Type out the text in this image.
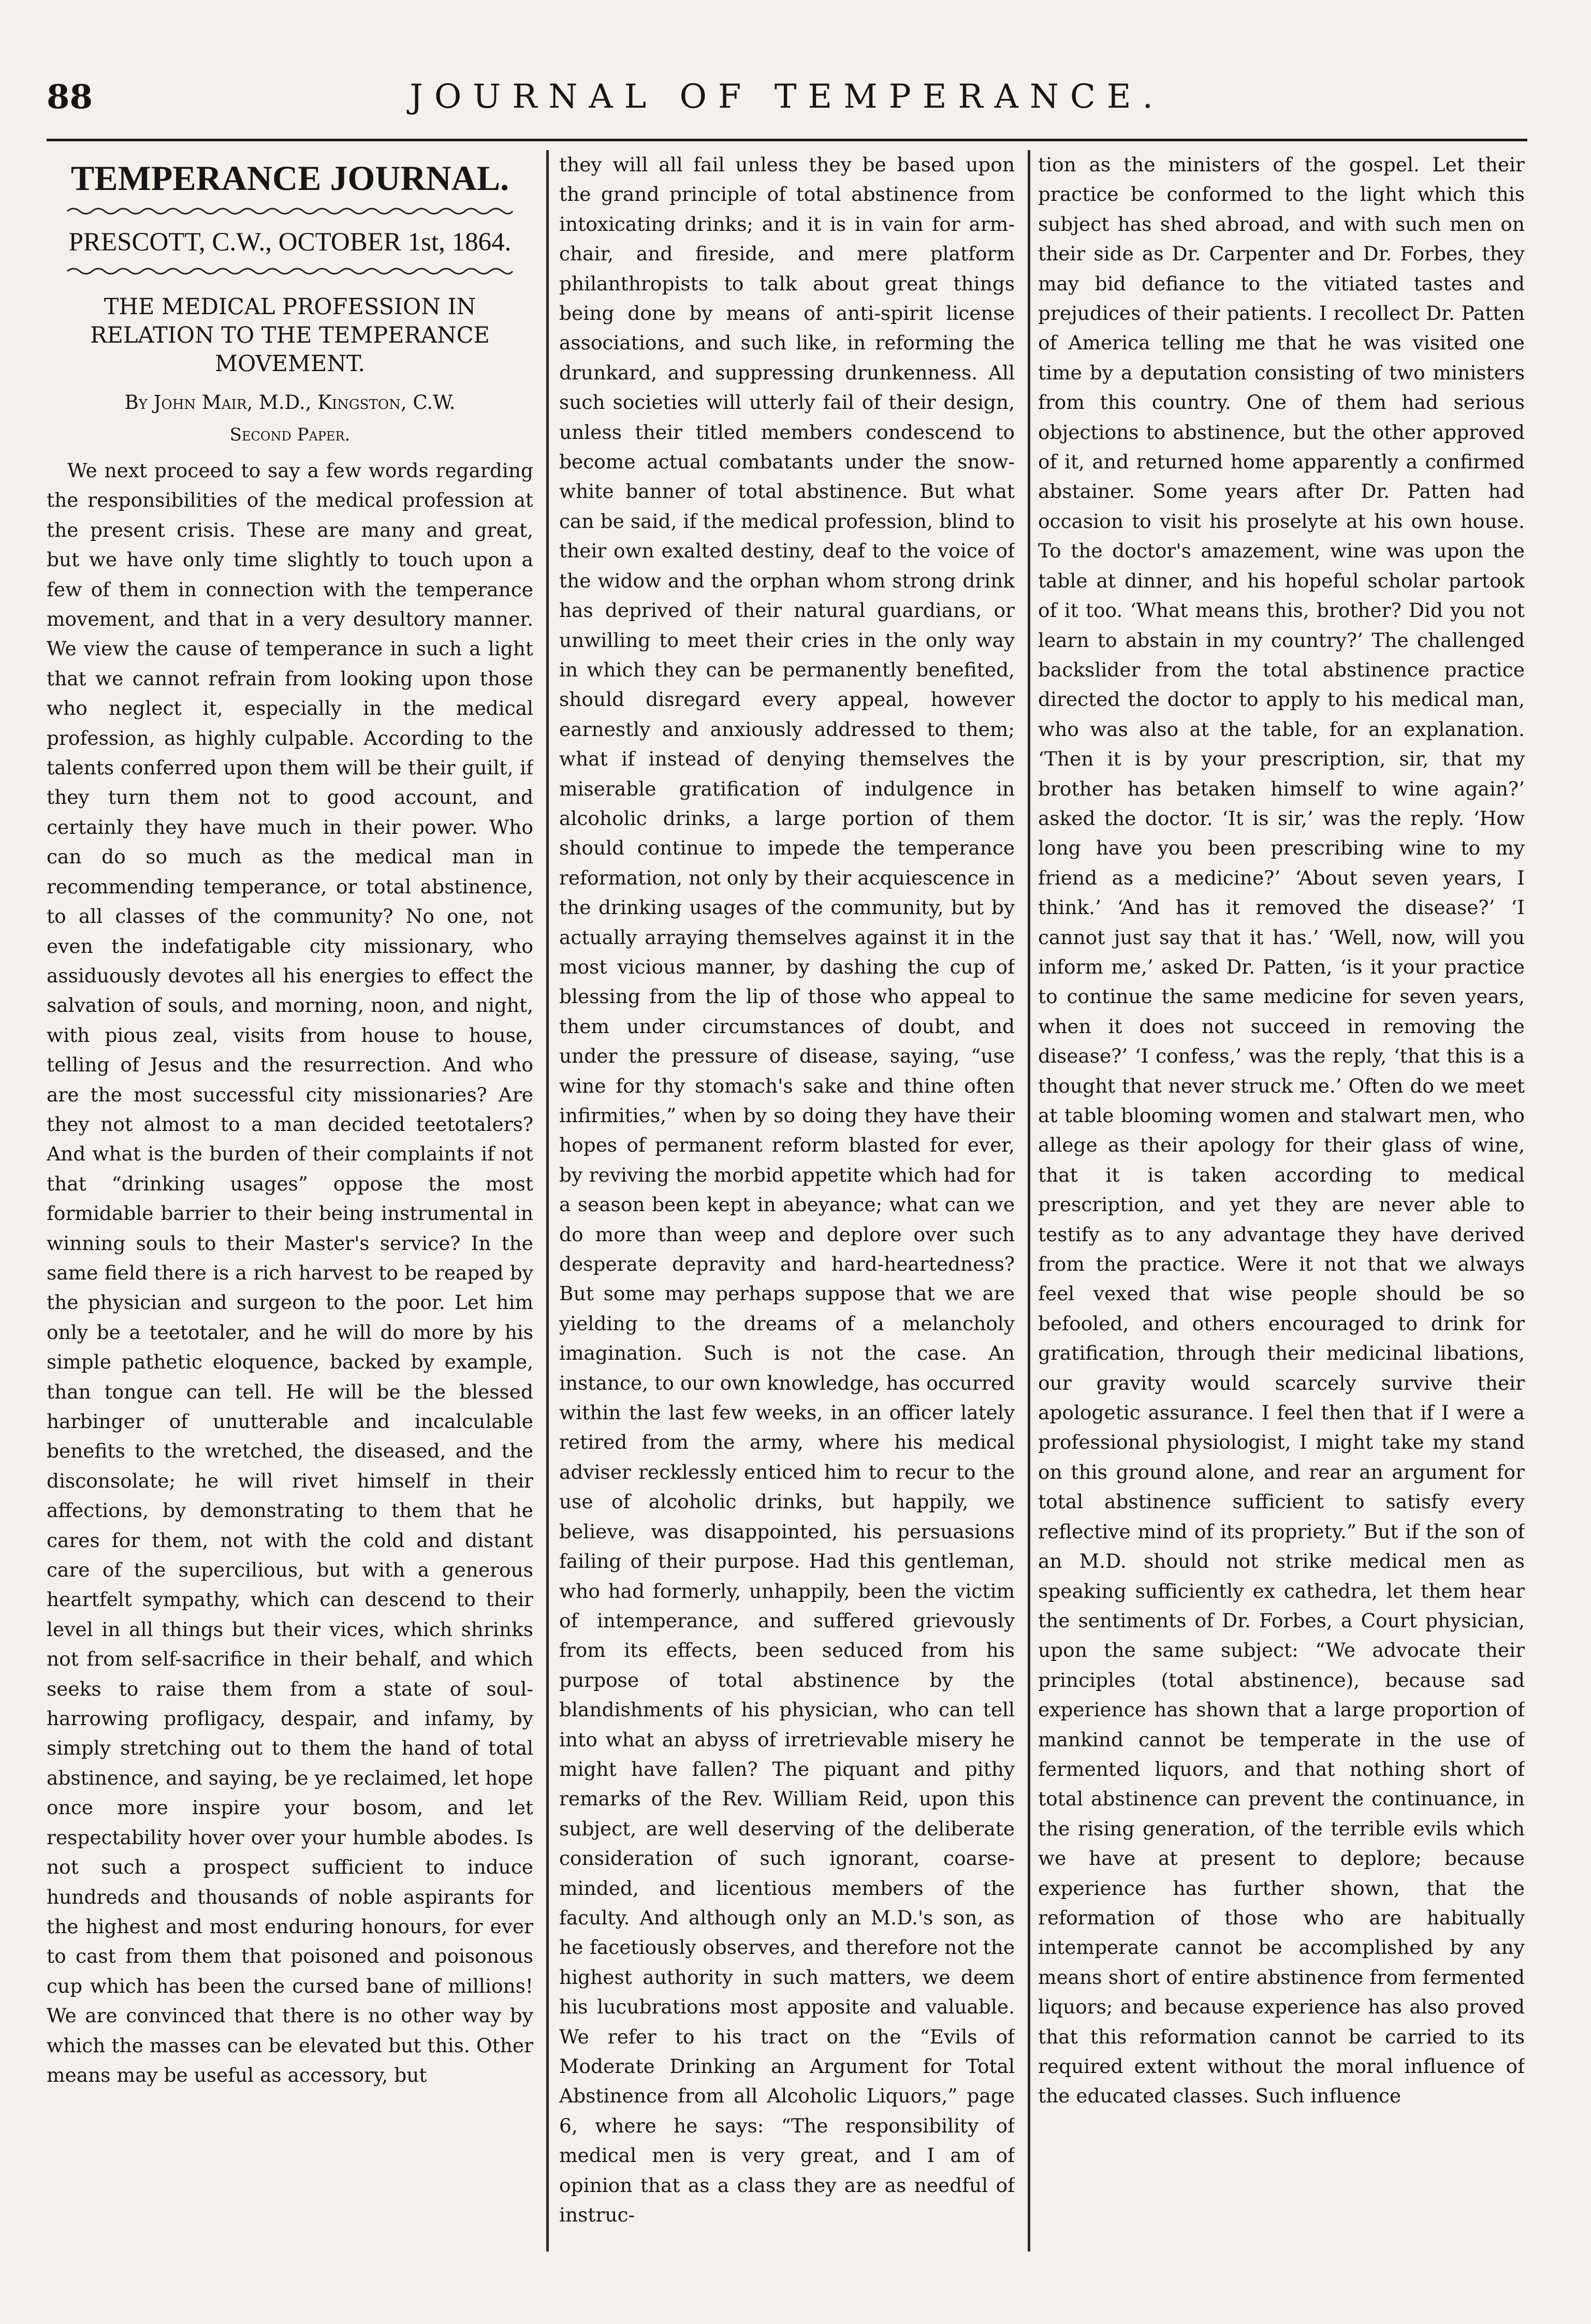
88	JOURNAL OF TEMPERANCE.
TEMPERANCE JOURNAL.
PRESCOTT, C.W., OCTOBER 1st, 1864.
THE MEDICAL PROFESSION IN RELATION TO THE TEMPERANCE MOVEMENT.
By John Mair, M.D., Kingston, C.W.
Second Paper.

We next proceed to say a few words regarding the responsibilities of the medical profession at the present crisis. These are many and great, but we have only time slightly to touch upon a few of them in connection with the temperance movement, and that in a very desultory manner. We view the cause of temperance in such a light that we cannot refrain from looking upon those who neglect it, especially in the medical profession, as highly culpable. According to the talents conferred upon them will be their guilt, if they turn them not to good account, and certainly they have much in their power. Who can do so much as the medical man in recommending temperance, or total abstinence, to all classes of the community? No one, not even the indefatigable city missionary, who assiduously devotes all his energies to effect the salvation of souls, and morning, noon, and night, with pious zeal, visits from house to house, telling of Jesus and the resurrection. And who are the most successful city missionaries? Are they not almost to a man decided teetotalers? And what is the burden of their complaints if not that “drinking usages” oppose the most formidable barrier to their being instrumental in winning souls to their Master's service? In the same field there is a rich harvest to be reaped by the physician and surgeon to the poor. Let him only be a teetotaler, and he will do more by his simple pathetic eloquence, backed by example, than tongue can tell. He will be the blessed harbinger of unutterable and incalculable benefits to the wretched, the diseased, and the disconsolate; he will rivet himself in their affections, by demonstrating to them that he cares for them, not with the cold and distant care of the supercilious, but with a generous heartfelt sympathy, which can descend to their level in all things but their vices, which shrinks not from self-sacrifice in their behalf, and which seeks to raise them from a state of soul-harrowing profligacy, despair, and infamy, by simply stretching out to them the hand of total abstinence, and saying, be ye reclaimed, let hope once more inspire your bosom, and let respectability hover over your humble abodes. Is not such a prospect sufficient to induce hundreds and thousands of noble aspirants for the highest and most enduring honours, for ever to cast from them that poisoned and poisonous cup which has been the cursed bane of millions! We are convinced that there is no other way by which the masses can be elevated but this. Other means may be useful as accessory, but

they will all fail unless they be based upon the grand principle of total abstinence from intoxicating drinks; and it is in vain for arm-chair, and fireside, and mere platform philanthropists to talk about great things being done by means of anti-spirit license associations, and such like, in reforming the drunkard, and suppressing drunkenness. All such societies will utterly fail of their design, unless their titled members condescend to become actual combatants under the snow-white banner of total abstinence. But what can be said, if the medical profession, blind to their own exalted destiny, deaf to the voice of the widow and the orphan whom strong drink has deprived of their natural guardians, or unwilling to meet their cries in the only way in which they can be permanently benefited, should disregard every appeal, however earnestly and anxiously addressed to them; what if instead of denying themselves the miserable gratification of indulgence in alcoholic drinks, a large portion of them should continue to impede the temperance reformation, not only by their acquiescence in the drinking usages of the community, but by actually arraying themselves against it in the most vicious manner, by dashing the cup of blessing from the lip of those who appeal to them under circumstances of doubt, and under the pressure of disease, saying, “use wine for thy stomach's sake and thine often infirmities,” when by so doing they have their hopes of permanent reform blasted for ever, by reviving the morbid appetite which had for a season been kept in abeyance; what can we do more than weep and deplore over such desperate depravity and hard-heartedness? But some may perhaps suppose that we are yielding to the dreams of a melancholy imagination. Such is not the case. An instance, to our own knowledge, has occurred within the last few weeks, in an officer lately retired from the army, where his medical adviser recklessly enticed him to recur to the use of alcoholic drinks, but happily, we believe, was disappointed, his persuasions failing of their purpose. Had this gentleman, who had formerly, unhappily, been the victim of intemperance, and suffered grievously from its effects, been seduced from his purpose of total abstinence by the blandishments of his physician, who can tell into what an abyss of irretrievable misery he might have fallen? The piquant and pithy remarks of the Rev. William Reid, upon this subject, are well deserving of the deliberate consideration of such ignorant, coarse-minded, and licentious members of the faculty. And although only an M.D.'s son, as he facetiously observes, and therefore not the highest authority in such matters, we deem his lucubrations most apposite and valuable. We refer to his tract on the “Evils of Moderate Drinking an Argument for Total Abstinence from all Alcoholic Liquors,” page 6, where he says: “The responsibility of medical men is very great, and I am of opinion that as a class they are as needful of instruc-

tion as the ministers of the gospel. Let their practice be conformed to the light which this subject has shed abroad, and with such men on their side as Dr. Carpenter and Dr. Forbes, they may bid defiance to the vitiated tastes and prejudices of their patients. I recollect Dr. Patten of America telling me that he was visited one time by a deputation consisting of two ministers from this country. One of them had serious objections to abstinence, but the other approved of it, and returned home apparently a confirmed abstainer. Some years after Dr. Patten had occasion to visit his proselyte at his own house. To the doctor's amazement, wine was upon the table at dinner, and his hopeful scholar partook of it too. ‘What means this, brother? Did you not learn to abstain in my country?’ The challenged backslider from the total abstinence practice directed the doctor to apply to his medical man, who was also at the table, for an explanation. ‘Then it is by your prescription, sir, that my brother has betaken himself to wine again?’ asked the doctor. ‘It is sir,’ was the reply. ‘How long have you been prescribing wine to my friend as a medicine?’ ‘About seven years, I think.’ ‘And has it removed the disease?’ ‘I cannot just say that it has.’ ‘Well, now, will you inform me,’ asked Dr. Patten, ‘is it your practice to continue the same medicine for seven years, when it does not succeed in removing the disease?’ ‘I confess,’ was the reply, ‘that this is a thought that never struck me.’ Often do we meet at table blooming women and stalwart men, who allege as their apology for their glass of wine, that it is taken according to medical prescription, and yet they are never able to testify as to any advantage they have derived from the practice. Were it not that we always feel vexed that wise people should be so befooled, and others encouraged to drink for gratification, through their medicinal libations, our gravity would scarcely survive their apologetic assurance. I feel then that if I were a professional physiologist, I might take my stand on this ground alone, and rear an argument for total abstinence sufficient to satisfy every reflective mind of its propriety.” But if the son of an M.D. should not strike medical men as speaking sufficiently ex cathedra, let them hear the sentiments of Dr. Forbes, a Court physician, upon the same subject: “We advocate their principles (total abstinence), because sad experience has shown that a large proportion of mankind cannot be temperate in the use of fermented liquors, and that nothing short of total abstinence can prevent the continuance, in the rising generation, of the terrible evils which we have at present to deplore; because experience has further shown, that the reformation of those who are habitually intemperate cannot be accomplished by any means short of entire abstinence from fermented liquors; and because experience has also proved that this reformation cannot be carried to its required extent without the moral influence of the educated classes. Such influence
